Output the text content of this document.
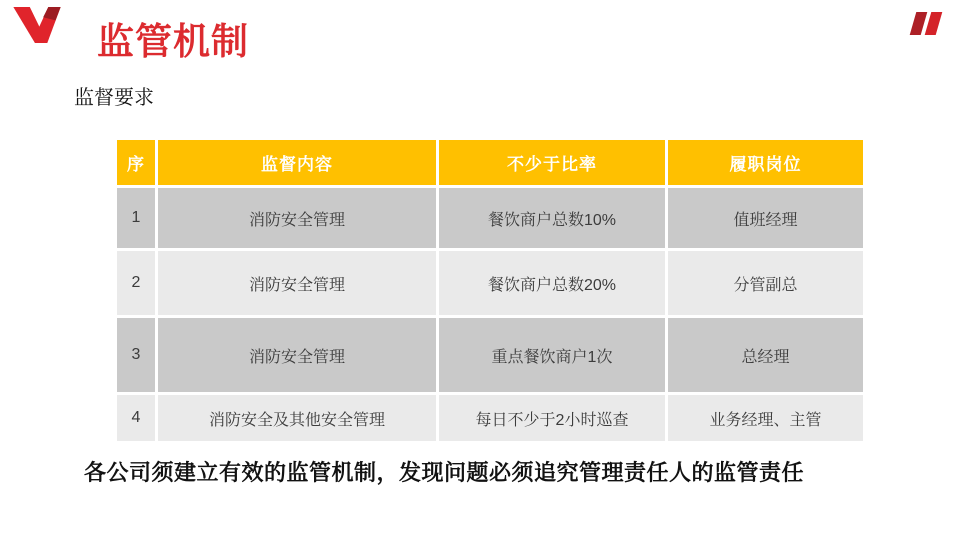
监管机制
监督要求
序	监督内容	不少于比率	履职岗位
1	消防安全管理	餐饮商户总数10%	值班经理
2	消防安全管理	餐饮商户总数20%	分管副总
3	消防安全管理	重点餐饮商户1次	总经理
4	消防安全及其他安全管理	每日不少于2小时巡查	业务经理、主管
各公司须建立有效的监管机制，发现问题必须追究管理责任人的监管责任
